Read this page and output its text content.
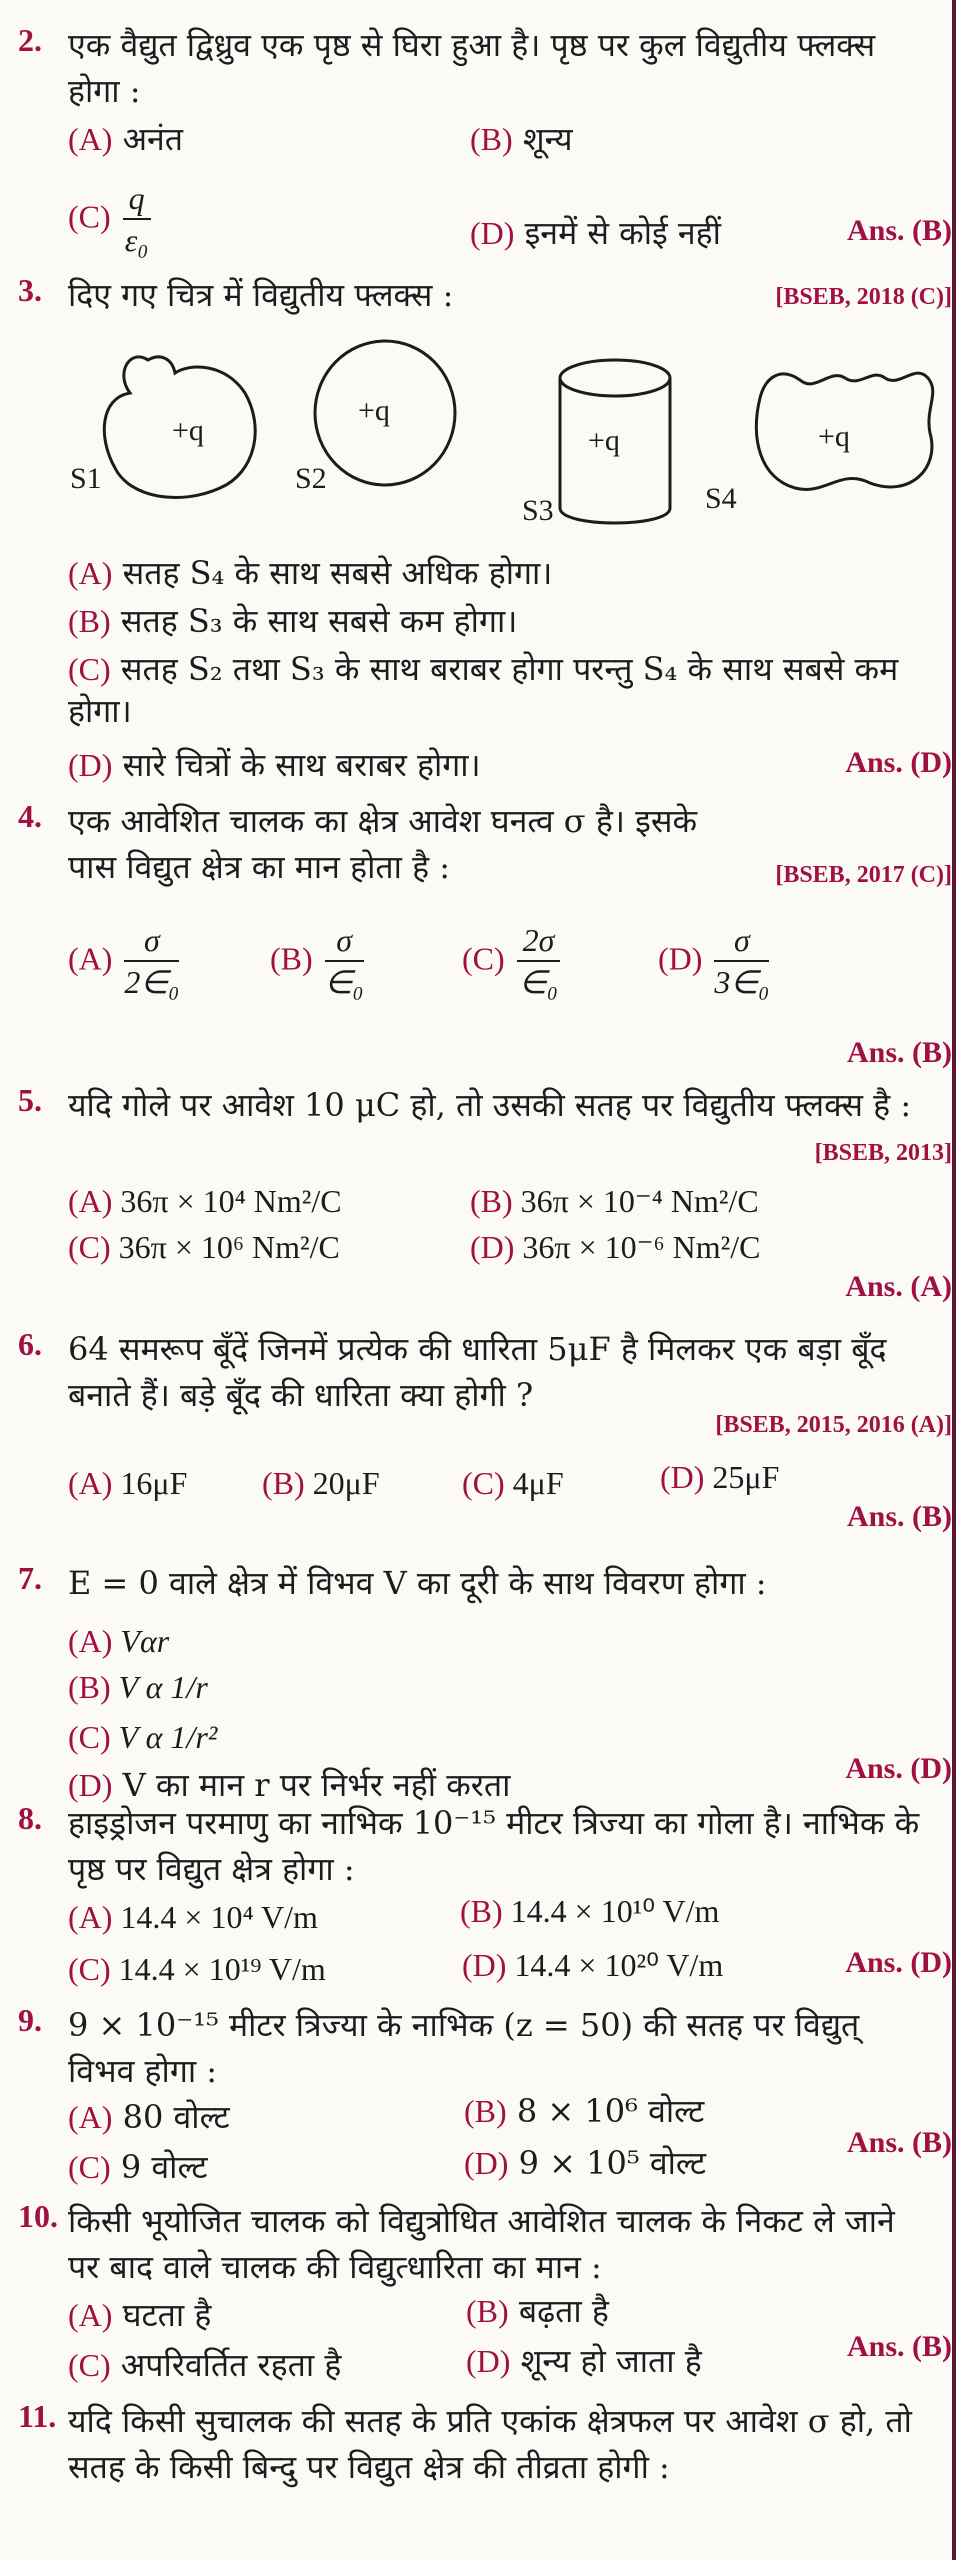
2. एक वैद्युत द्विध्रुव एक पृष्ठ से घिरा हुआ है। पृष्ठ पर कुल विद्युतीय फ्लक्स होगा :
(A) अनंत	(B) शून्य
$(C) \frac{q}{\text{ε₀}}$	(D) इनमें से कोई नहीं	Ans. (B)
3. दिए गए चित्र में विद्युतीय फ्लक्स :	[BSEB, 2018 (C)]
+q
+q
+q	+q
S1	S2
S3	S4
(A) सतह S₄ के साथ सबसे अधिक होगा।
(B) सतह S₃ के साथ सबसे कम होगा।
(C) सतह S₂ तथा S₃ के साथ बराबर होगा परन्तु S₄ के साथ सबसे कम होगा।
(D) सारे चित्रों के साथ बराबर होगा।	Ans. (D)
4. एक आवेशित चालक का क्षेत्र आवेश घनत्व σ है। इसके पास विद्युत क्षेत्र का मान होता है :	[BSEB, 2017 (C)]
$(A) \frac{\sigma}{\text{2∈₀}}$	$(B) \frac{\sigma}{\text{∈₀}}$	$(C) \frac{2\sigma}{\text{∈₀}}$	$(D) \frac{\sigma}{\text{3∈₀}}$
Ans. (B)
5. यदि गोले पर आवेश 10 μC हो, तो उसकी सतह पर विद्युतीय फ्लक्स है :
[BSEB, 2013]
(A) 36π × 10⁴ Nm²/C	(B) 36π × 10⁻⁴ Nm²/C
(C) 36π × 10⁶ Nm²/C	(D) 36π × 10⁻⁶ Nm²/C
Ans. (A)
6. 64 समरूप बूँदें जिनमें प्रत्येक की धारिता 5μF है मिलकर एक बड़ा बूँद बनाते हैं। बड़े बूँद की धारिता क्या होगी ?
[BSEB, 2015, 2016 (A)]
(A) 16μF (B) 20μF	(C) 4μF	(D) 25μF
Ans. (B)
7. E = 0 वाले क्षेत्र में विभव V का दूरी के साथ विवरण होगा :
(A) Vαr
(B) V α 1/r
(C) V α 1/r²
(D) V का मान r पर निर्भर नहीं करता	Ans. (D)
8. हाइड्रोजन परमाणु का नाभिक 10⁻¹⁵ मीटर त्रिज्या का गोला है। नाभिक के पृष्ठ पर विद्युत क्षेत्र होगा :
(A) 14.4 × 10⁴ V/m	(B) 14.4 × 10¹⁰ V/m
(C) 14.4 × 10¹⁹ V/m	(D) 14.4 × 10²⁰ V/m	Ans. (D)
9. 9 × 10⁻¹⁵ मीटर त्रिज्या के नाभिक (z = 50) की सतह पर विद्युत् विभव होगा :
(A) 80 वोल्ट	(B) 8 × 10⁶ वोल्ट
(C) 9 वोल्ट	(D) 9 × 10⁵ वोल्ट
Ans. (B)
10. किसी भूयोजित चालक को विद्युत्रोधित आवेशित चालक के निकट ले जाने पर बाद वाले चालक की विद्युत्धारिता का मान :
(A) घटता है	(B) बढ़ता है
(C) अपरिवर्तित रहता है	(D) शून्य हो जाता है	Ans. (B)
11. यदि किसी सुचालक की सतह के प्रति एकांक क्षेत्रफल पर आवेश σ हो, तो सतह के किसी बिन्दु पर विद्युत क्षेत्र की तीव्रता होगी :
